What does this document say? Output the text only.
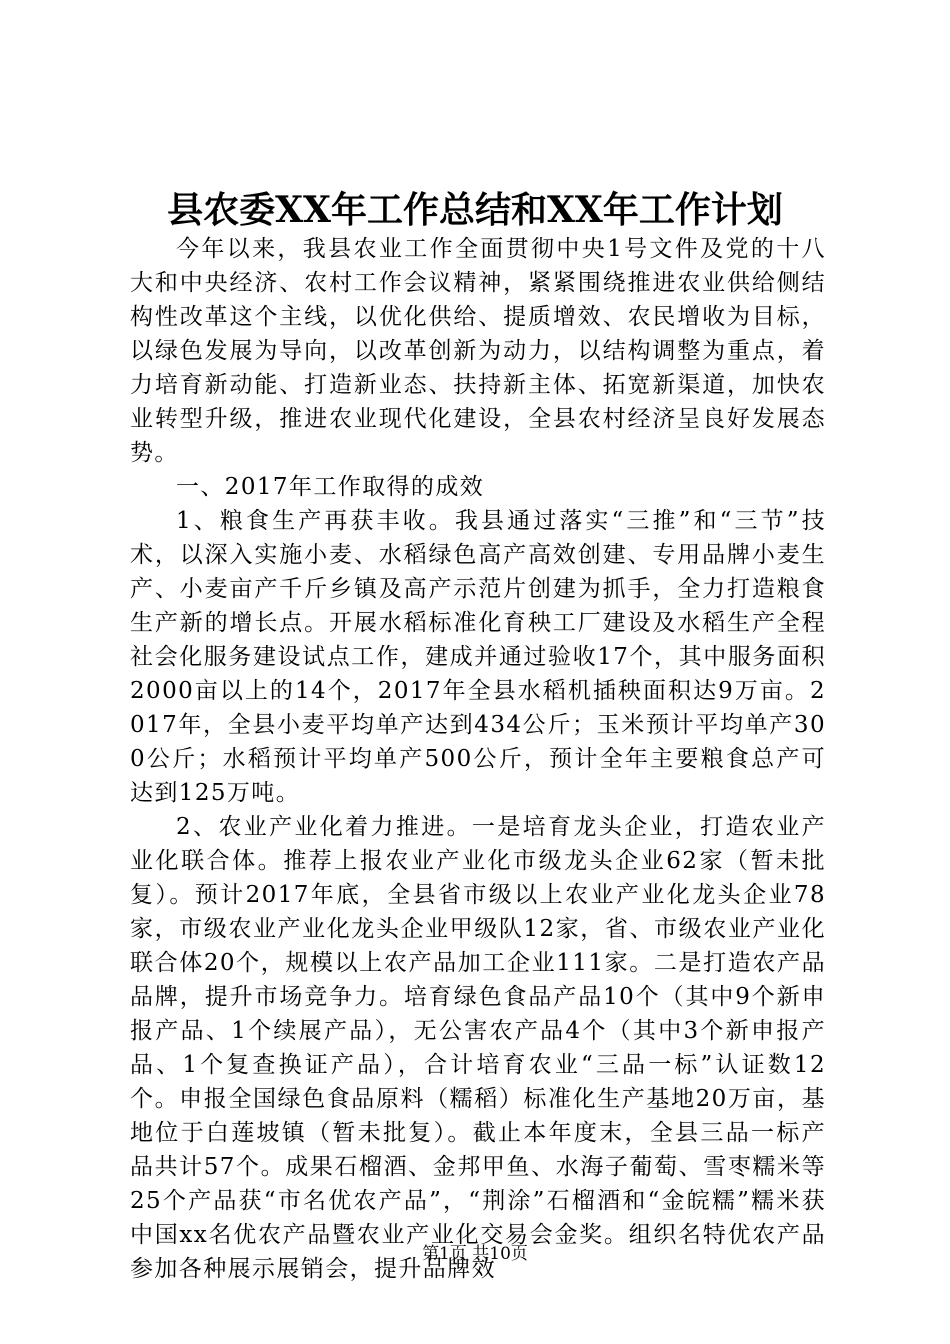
县农委XX年工作总结和XX年工作计划

今年以来，我县农业工作全面贯彻中央1号文件及党的十八大和中央经济、农村工作会议精神，紧紧围绕推进农业供给侧结构性改革这个主线，以优化供给、提质增效、农民增收为目标，以绿色发展为导向，以改革创新为动力，以结构调整为重点，着力培育新动能、打造新业态、扶持新主体、拓宽新渠道，加快农业转型升级，推进农业现代化建设，全县农村经济呈良好发展态势。

一、2017年工作取得的成效

1、粮食生产再获丰收。我县通过落实“三推”和“三节”技术，以深入实施小麦、水稻绿色高产高效创建、专用品牌小麦生产、小麦亩产千斤乡镇及高产示范片创建为抓手，全力打造粮食生产新的增长点。开展水稻标准化育秧工厂建设及水稻生产全程社会化服务建设试点工作，建成并通过验收17个，其中服务面积2000亩以上的14个，2017年全县水稻机插秧面积达9万亩。2017年，全县小麦平均单产达到434公斤；玉米预计平均单产300公斤；水稻预计平均单产500公斤，预计全年主要粮食总产可达到125万吨。

2、农业产业化着力推进。一是培育龙头企业，打造农业产业化联合体。推荐上报农业产业化市级龙头企业62家（暂未批复）。预计2017年底，全县省市级以上农业产业化龙头企业78家，市级农业产业化龙头企业甲级队12家，省、市级农业产业化联合体20个，规模以上农产品加工企业111家。二是打造农产品品牌，提升市场竞争力。培育绿色食品产品10个（其中9个新申报产品、1个续展产品），无公害农产品4个（其中3个新申报产品、1个复查换证产品），合计培育农业“三品一标”认证数12个。申报全国绿色食品原料（糯稻）标准化生产基地20万亩，基地位于白莲坡镇（暂未批复）。截止本年度末，全县三品一标产品共计57个。成果石榴酒、金邦甲鱼、水海子葡萄、雪枣糯米等25个产品获“市名优农产品”，“荆涂”石榴酒和“金皖糯”糯米获中国xx名优农产品暨农业产业化交易会金奖。组织名特优农产品参加各种展示展销会，提升品牌效

第1页 共10页
